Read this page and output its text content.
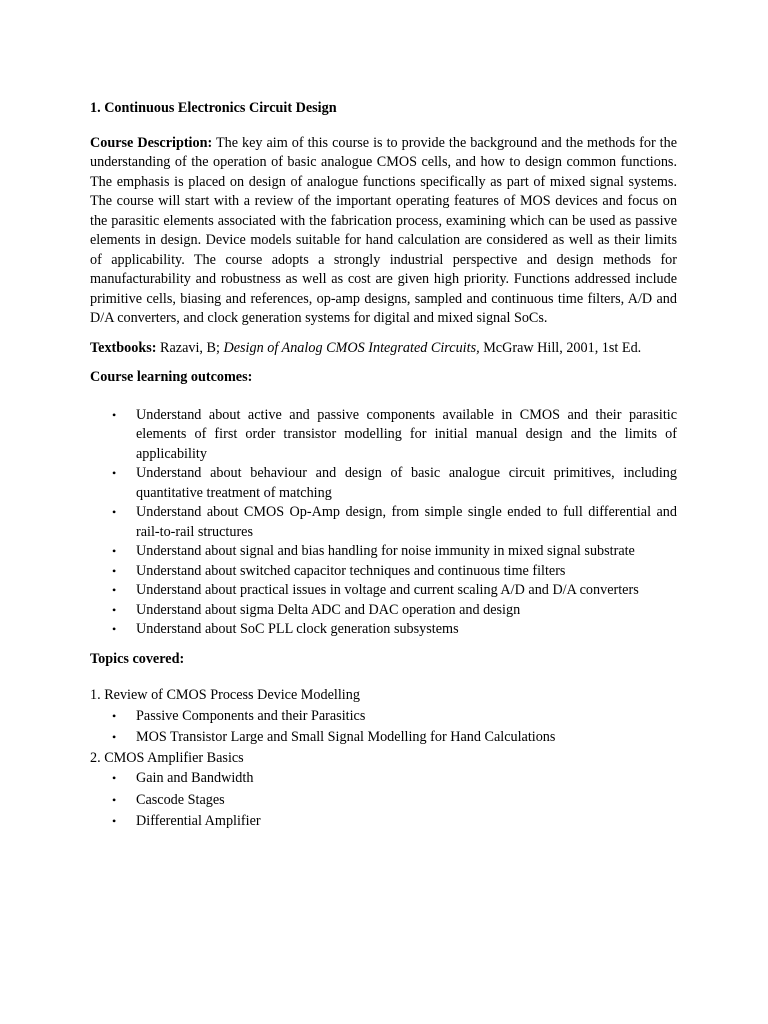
1. Continuous Electronics Circuit Design

Course Description: The key aim of this course is to provide the background and the methods for the understanding of the operation of basic analogue CMOS cells, and how to design common functions. The emphasis is placed on design of analogue functions specifically as part of mixed signal systems. The course will start with a review of the important operating features of MOS devices and focus on the parasitic elements associated with the fabrication process, examining which can be used as passive elements in design. Device models suitable for hand calculation are considered as well as their limits of applicability. The course adopts a strongly industrial perspective and design methods for manufacturability and robustness as well as cost are given high priority. Functions addressed include primitive cells, biasing and references, op-amp designs, sampled and continuous time filters, A/D and D/A converters, and clock generation systems for digital and mixed signal SoCs.

Textbooks: Razavi, B; Design of Analog CMOS Integrated Circuits, McGraw Hill, 2001, 1st Ed.

Course learning outcomes:

• Understand about active and passive components available in CMOS and their parasitic elements of first order transistor modelling for initial manual design and the limits of applicability
• Understand about behaviour and design of basic analogue circuit primitives, including quantitative treatment of matching
• Understand about CMOS Op-Amp design, from simple single ended to full differential and rail-to-rail structures
• Understand about signal and bias handling for noise immunity in mixed signal substrate
• Understand about switched capacitor techniques and continuous time filters
• Understand about practical issues in voltage and current scaling A/D and D/A converters
• Understand about sigma Delta ADC and DAC operation and design
• Understand about SoC PLL clock generation subsystems

Topics covered:

1. Review of CMOS Process Device Modelling

• Passive Components and their Parasitics
• MOS Transistor Large and Small Signal Modelling for Hand Calculations

2. CMOS Amplifier Basics

• Gain and Bandwidth
• Cascode Stages
• Differential Amplifier
